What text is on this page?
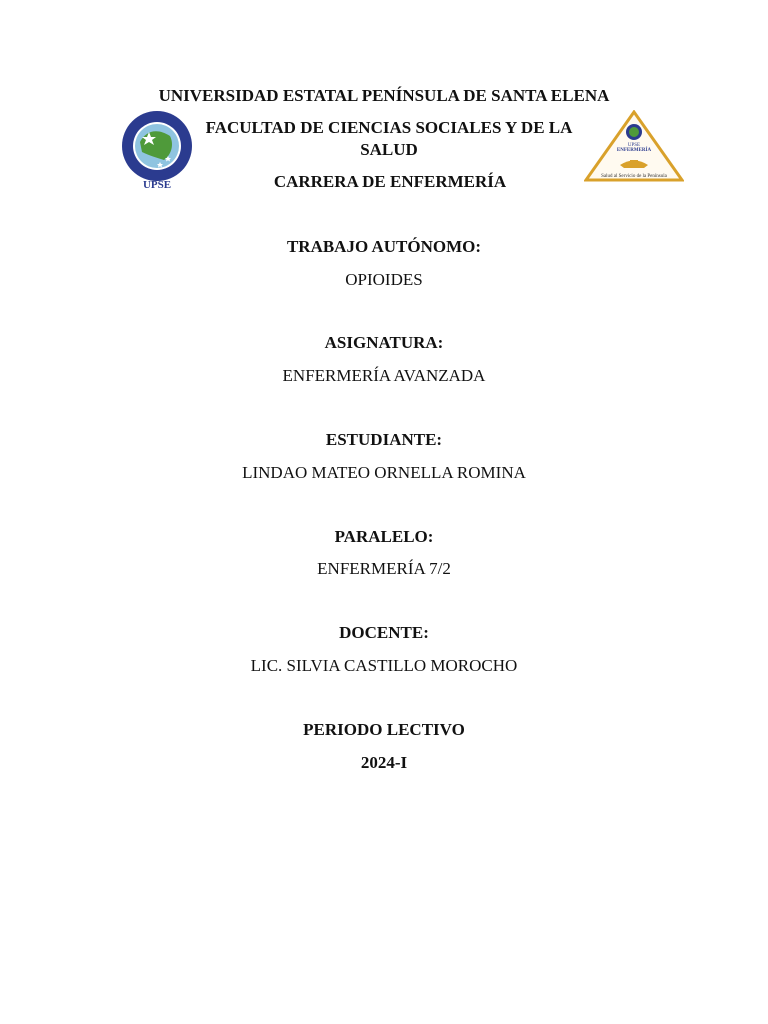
UPSE
UPSE
ENFERMERÍA
Salud al Servicio de la Península
UNIVERSIDAD ESTATAL PENÍNSULA DE SANTA ELENA
FACULTAD DE CIENCIAS SOCIALES Y DE LA SALUD
CARRERA DE ENFERMERÍA
TRABAJO AUTÓNOMO:
OPIOIDES
ASIGNATURA:
ENFERMERÍA AVANZADA
ESTUDIANTE:
LINDAO MATEO ORNELLA ROMINA
PARALELO:
ENFERMERÍA 7/2
DOCENTE:
LIC. SILVIA CASTILLO MOROCHO
PERIODO LECTIVO
2024-I
